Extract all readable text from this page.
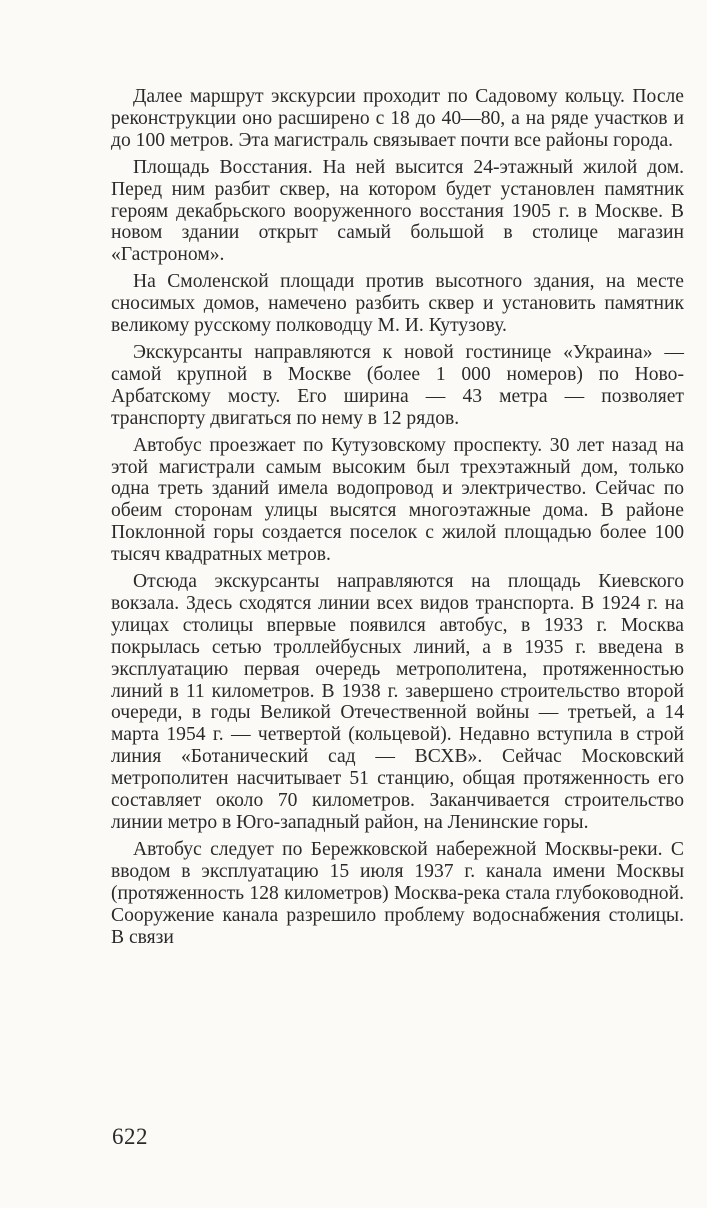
Далее маршрут экскурсии проходит по Садовому кольцу. После реконструкции оно расширено с 18 до 40—80, а на ряде участков и до 100 метров. Эта магистраль связывает почти все районы города.

Площадь Восстания. На ней высится 24-этажный жилой дом. Перед ним разбит сквер, на котором будет установлен памятник героям декабрьского вооруженного восстания 1905 г. в Москве. В новом здании открыт самый большой в столице магазин «Гастроном».

На Смоленской площади против высотного здания, на месте сносимых домов, намечено разбить сквер и установить памятник великому русскому полководцу М. И. Кутузову.

Экскурсанты направляются к новой гостинице «Украина» — самой крупной в Москве (более 1 000 номеров) по Ново-Арбатскому мосту. Его ширина — 43 метра — позволяет транспорту двигаться по нему в 12 рядов.

Автобус проезжает по Кутузовскому проспекту. 30 лет назад на этой магистрали самым высоким был трехэтажный дом, только одна треть зданий имела водопровод и электричество. Сейчас по обеим сторонам улицы высятся многоэтажные дома. В районе Поклонной горы создается поселок с жилой площадью более 100 тысяч квадратных метров.

Отсюда экскурсанты направляются на площадь Киевского вокзала. Здесь сходятся линии всех видов транспорта. В 1924 г. на улицах столицы впервые появился автобус, в 1933 г. Москва покрылась сетью троллейбусных линий, а в 1935 г. введена в эксплуатацию первая очередь метрополитена, протяженностью линий в 11 километров. В 1938 г. завершено строительство второй очереди, в годы Великой Отечественной войны — третьей, а 14 марта 1954 г. — четвертой (кольцевой). Недавно вступила в строй линия «Ботанический сад — ВСХВ». Сейчас Московский метрополитен насчитывает 51 станцию, общая протяженность его составляет около 70 километров. Заканчивается строительство линии метро в Юго-западный район, на Ленинские горы.

Автобус следует по Бережковской набережной Москвы-реки. С вводом в эксплуатацию 15 июля 1937 г. канала имени Москвы (протяженность 128 километров) Москва-река стала глубоководной. Сооружение канала разрешило проблему водоснабжения столицы. В связи

622
